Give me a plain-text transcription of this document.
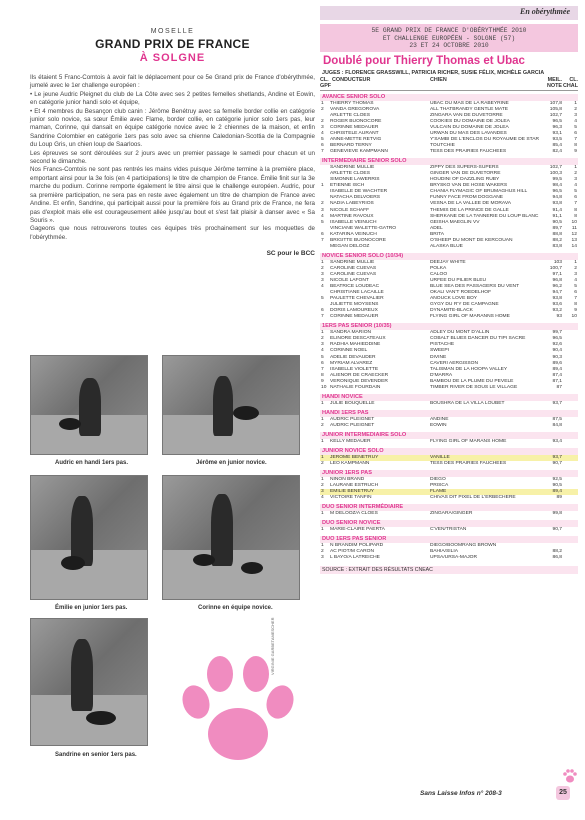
En obérythmée
MOSELLE
GRAND PRIX DE FRANCE
À SOLGNE

Ils étaient 5 Franc-Comtois à avoir fait le déplacement pour ce 5e Grand prix de France d'obérythmée, jumelé avec le 1er challenge européen :

• Le jeune Audric Pleignet du club de La Côte avec ses 2 petites femelles shetlands, Andine et Eowin, en catégorie junior handi solo et équipe,

• Et 4 membres du Besançon club canin : Jérôme Benétruy avec sa femelle border collie en catégorie junior solo novice, sa sœur Émilie avec Flame, border collie, en catégorie junior solo 1ers pas, leur maman, Corinne, qui dansait en équipe catégorie novice avec le 2 chiennes de la maison, et enfin Sandrine Colombier en catégorie 1ers pas solo avec sa chienne Caledonian-Scottia de la Compagnie du Loup Gris, un chien loup de Saarloos.

Les épreuves se sont déroulées sur 2 jours avec un premier passage le samedi pour chacun et un second le dimanche.

Nos Francs-Comtois ne sont pas rentrés les mains vides puisque Jérôme termine à la première place, emportant ainsi pour la 3e fois (en 4 participations) le titre de champion de France. Émilie finit sur la 3e marche du podium. Corinne remporte également le titre ainsi que le challenge européen. Audric, pour sa première participation, ne sera pas en reste avec également un titre de champion de France avec Andine. Et enfin, Sandrine, qui participait aussi pour la première fois au Grand prix de France, ne fera pas d'exploit mais elle est courageusement allée jusqu'au bout et s'est fait plaisir à danser avec « Sa Souris ».

Gageons que nous retrouverons toutes ces équipes très prochainement sur les moquettes de l'obérythmée.

SC pour le BCC
Audric en handi 1ers pas.	Jérôme en junior novice.
Émilie en junior 1ers pas.	Corinne en équipe novice.
Sandrine en senior 1ers pas.
VIRGINIE GARBETAMESCHER
5E GRAND PRIX DE FRANCE D'OBÉRYTHMÉE 2010
ET CHALLENGE EUROPÉEN - SOLGNE (57)
23 ET 24 OCTOBRE 2010
Doublé pour Thierry Thomas et Ubac
JUGES : FLORENCE GRASSWILL, PATRICIA RICHER, SUSIE FÉLIX, MICHÈLE GARCIA
CL. GPF
CONDUCTEUR	CHIEN	MEIL. NOTE
CL. CHAL
AVANCE SENIOR SOLO
1	THIERRY THOMAS	UBAC DU MAS DE LA RABEYRINE	107,8	1
2	VANDA GREGOROVA	ALL THATBRANDY GENTLE MATE	105,8	2
ARLETTE CLOËS	ZINGARA VAN DE DUVETORRE	102,7	3
2	ROGER BUONOCORE	COOKIES DU DOMAINE DE JOLÉA	96,5	4
3	CORINNE MEDAUER	VULCAIN DU DOMAINE DE JOLÉA	96,3	5
4	CHRISTÈLE AURANT	URWAN DU MAS DES LAVANDES	93,1	6
5	ANNE-METTE RETVIG	Y'SAMBI DE L'ENCLOS DU ROYAUME DE STAR	93,5	7
6	BERNARD TERNY	TOUTCHIE	85,4	8
7	GENEVIÈVE KAMPMANN	TESS DES PRAIRIES FAUCHÉES	82,4	9
INTERMEDIAIRE SENIOR SOLO
SANDRINE MULLIE	ZIPPY DES SUPERS-SUPERS	102,7	1
ARLETTE CLOËS	GINGER VAN DE DUVETORRE	100,3	2
SIMONNE LAWERRIS	HOUDINI OF DAZZLING RUBY	99,5	3
1	ÉTIENNE ISCH	BRYSKO VAN DE HOSE WAKERS	98,4	4
ISABELLE DE WACHTER	CHANIA FLYMAGIC OF BRUMAGHUS HILL	96,5	5
NATACHA DELVOERS	FUNNY FACE FROM DOGGANE	94,8	6
2	NADIA LABEYRIOS	VESNA DE LA VALLÉE DE MORAVA	93,8	7
3	NICOLE SCHAFF	THEMIS DE LA PRINCE DE GALLE	91,4	8
4	MARTINE RAVOUX	SHERKANE DE LA TANNERIE DU LOUP BLANC	91,1	8
5	ISABELLE VEINUCH	GEISHA MAEGLIN VV	90,5	10
VINCIANE WALETTE-GATRO	ADEL	89,7	11
6	KATARINA VEINUCH	BRITA	88,8	12
7	BRIGITTE BUONOCORE	O'SHEEP DU MONT DE KERCOUAN	88,2	13
MEGAN DELOOZ	ALASKA BLUE	83,8	14
NOVICE SENIOR SOLO (10/34)
1	SANDRINE MULLIE	DEEJAY WHITE	103	1
2	CAROLINE CUEVAS	POLKA	100,7	2
3	CAROLINE CUEVAS	CALOO	97,1	3
3	NICOLE LAFONT	URFÉE DU PILIER BLEU	96,8	4
4	BÉATRICE LOUDÉAC	BLUE SEA DES PASSAGERS DU VENT	96,2	5
CHRISTIANE LACAILLE	OKALI VAN'T ROEDELHOF	94,7	6
5	PAULETTE CHEVALIER	ANOUCK LOVE BOY	93,8	7
JULIETTE MOYSENS	GYGY DU R'Y DE CAMPAGNE	93,6	8
6	DORIS LAMOUREUX	DYNAMITE-BLACK	93,2	9
7	CORINNE MÉDAUER	FLYING GIRL OF MARANNS HOME	93	10
1ERS PAS SENIOR (10/35)
1	SANDRA MARION	ADLEY DU MONT D'ALLIN	99,7
2	ELINORE DESCATEAUX	COBALT BLUES DANCER DU TIPI SACRÉ	96,5
3	RADHIA MAHIEDDINE	PISTACHE	92,6
4	CORINNE NOËL	SWEEPI	90,4
5	ADÉLIE DEVAUDER	DIVINE	90,3
6	MYRIAM ALVAREZ	CAVERI AERGISSON	89,6
7	ISABELLE VIOLETTE	TALISMAN DE LA HOOPA VALLEY	89,4
8	ALIENOR DE CRAECKER	D'MARRA	87,4
9	VÉRONIQUE DEVENDER	BAMBOU DE LA PLUME DU PÉVÈLE	87,1
10 NATHALIE FOURDAIN	TIMBER RIVER DE SOUS LE VILLAGE	87
HANDI NOVICE
1	JULIE BOUQUELLE	BOUSHRA DE LA VILLA LOUBET	93,7
HANDI 1ERS PAS
1	AUDRIC PLEIGNET	ANDINE	87,5
2	AUDRIC PLEIGNET	EOWIN	84,8
JUNIOR INTERMEDIAIRE SOLO
1	KELLY MEDAUER	FLYING GIRL OF MARANS HOME	93,4
JUNIOR NOVICE SOLO
1	JÉRÔME BENETRUY	VANILLE	93,7
2	LÉO KAMPMANN	TESS DES PRAIRIES FAUCHÉES	90,7
JUNIOR 1ERS PAS
1	NINON BRAND	DIEGO	92,5
2	LAURANE ESTRUCH	PRISCA	90,5
3	EMILIE BENETRUY	FLAME	89,4
4	VICTOIRE TANFIN	CHIVAS DIT PIXEL DE L'ERBECHÈRE	89
DUO SENIOR INTERMÉDIAIRE
1	M DELOOZ/A CLOËS	ZINGARA/GINGER	99,8
DUO SENIOR NOVICE
1	MARIE-CLAIRE PAERTA	C'VEN/TRISTAN	90,7
DUO 1ERS PAS SENIOR
1	N BRANDIM POLIPARD	DIEGO/BOOMRANG BROWN
2	AC PIOT/M CARON	BAHIA/SILIA	88,2
3	L BAYO/A LATREICHE	UPSA/URSA-MAJOR	86,8
SOURCE : EXTRAIT DES RÉSULTATS CNEAC
Sans Laisse Infos n° 208-3	25
